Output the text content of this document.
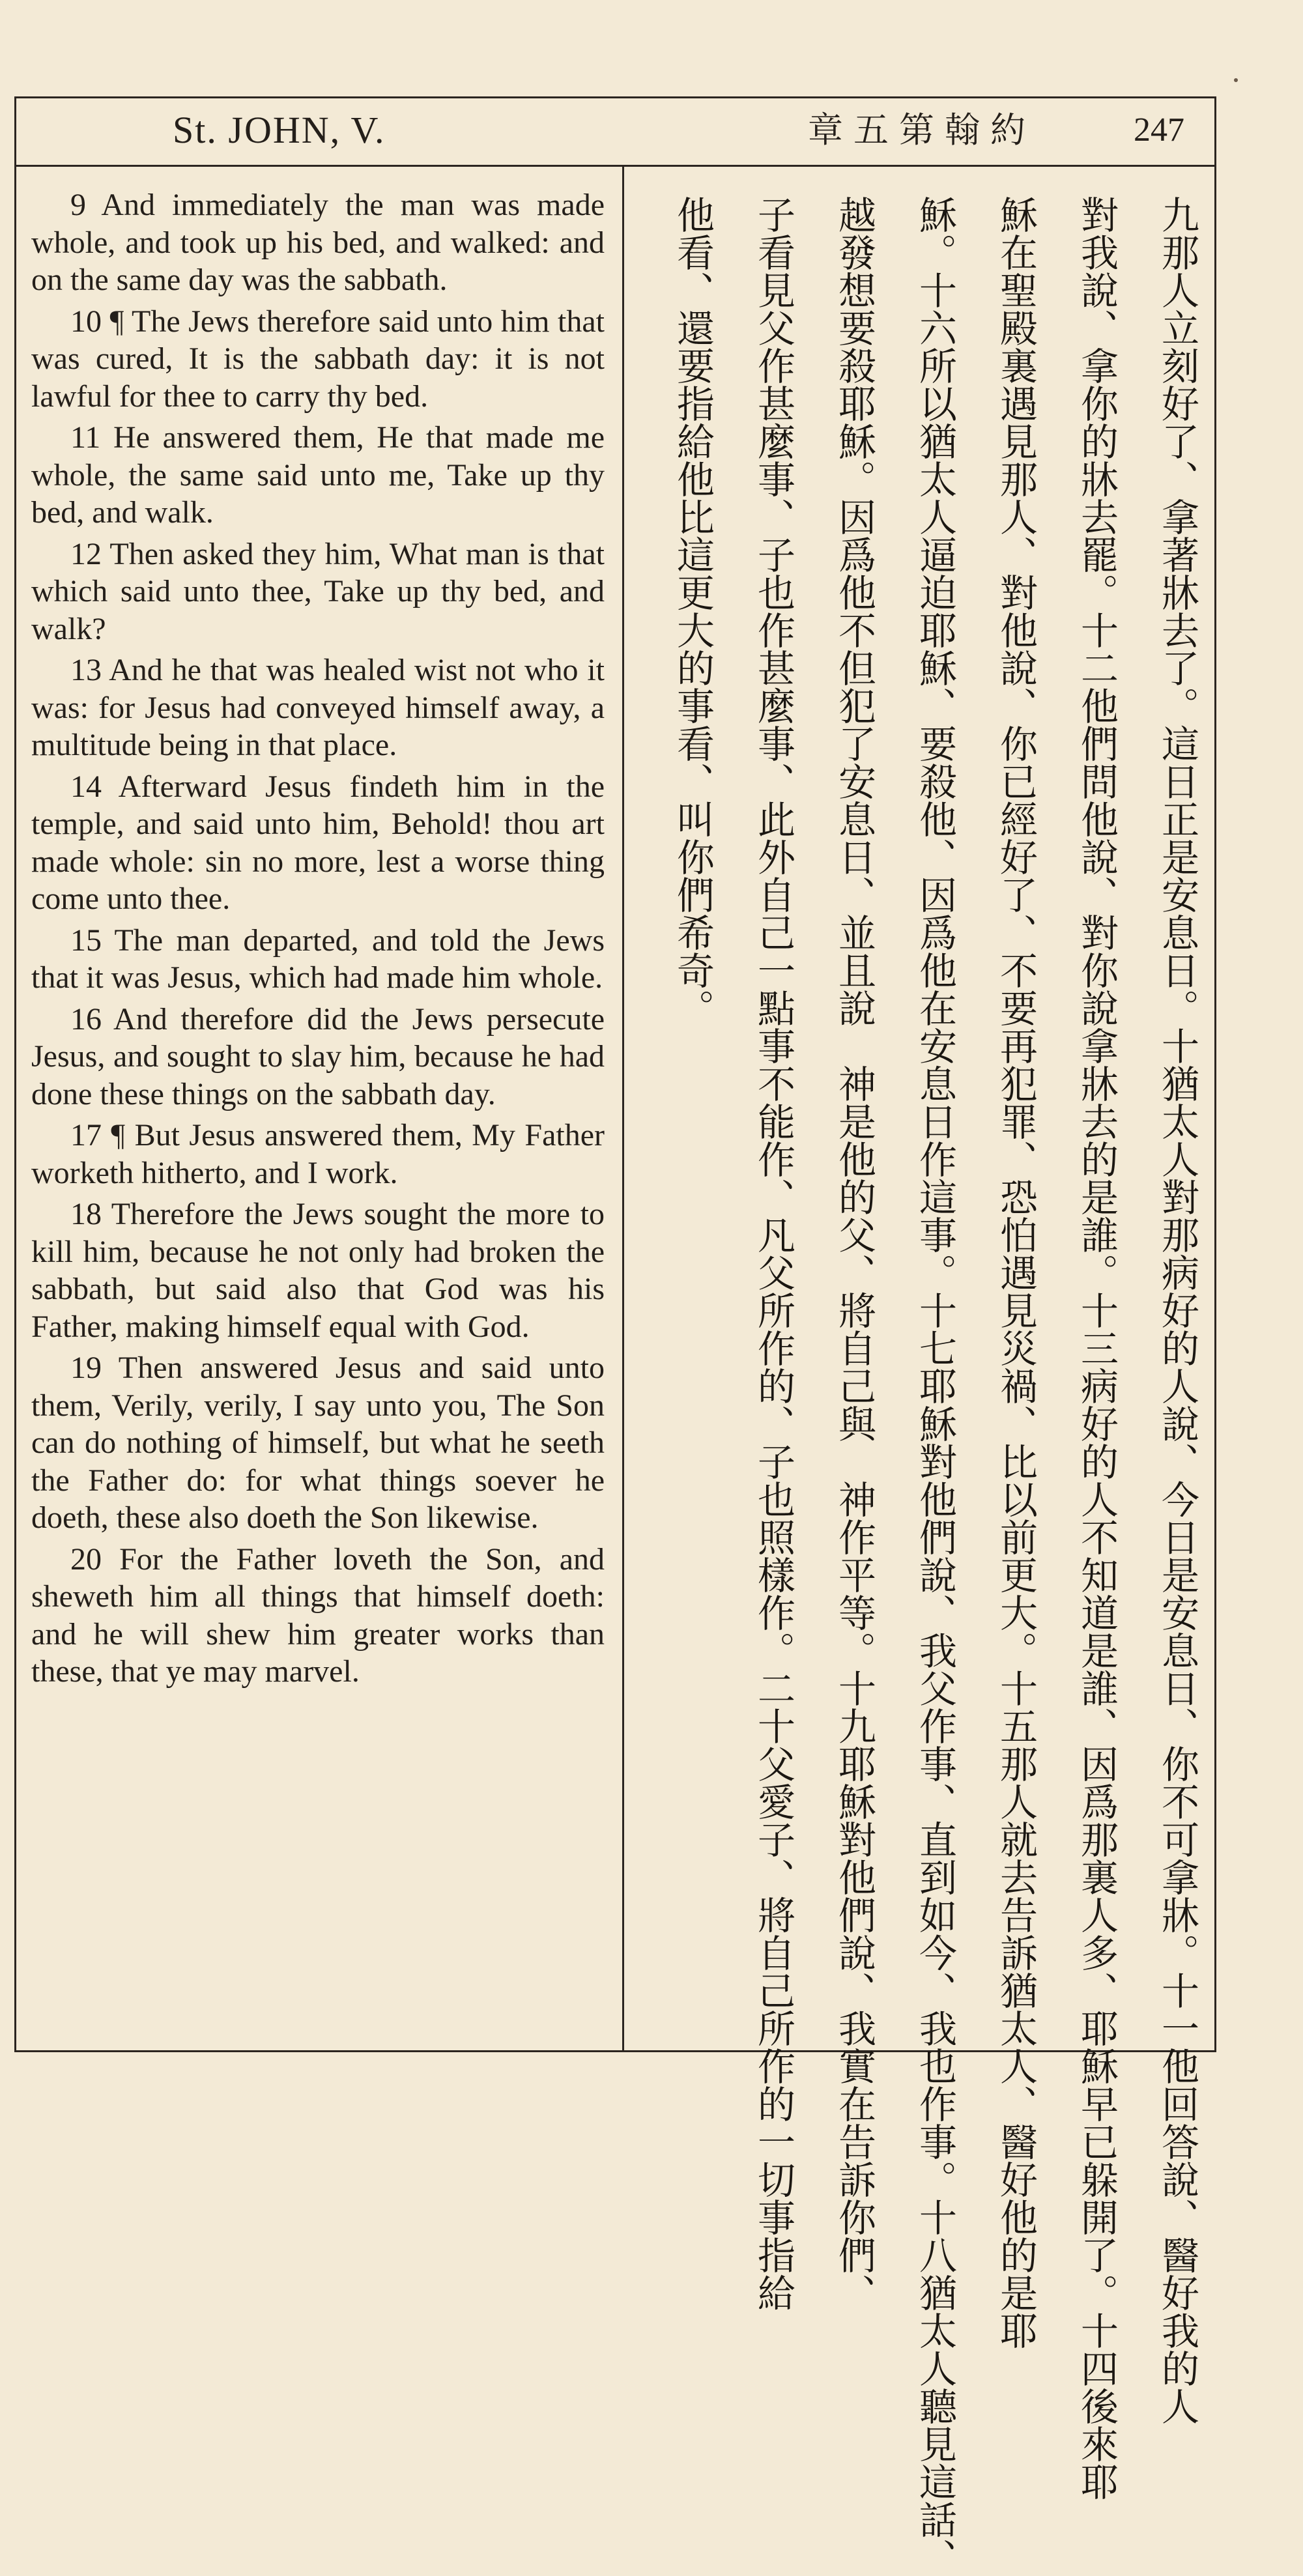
St. JOHN, V.	章五第翰約	247

9 And immediately the man was made whole, and took up his bed, and walked: and on the same day was the sabbath.

10 ¶ The Jews therefore said unto him that was cured, It is the sabbath day: it is not lawful for thee to carry thy bed.

11 He answered them, He that made me whole, the same said unto me, Take up thy bed, and walk.

12 Then asked they him, What man is that which said unto thee, Take up thy bed, and walk?

13 And he that was healed wist not who it was: for Jesus had conveyed himself away, a multitude being in that place.

14 Afterward Jesus findeth him in the temple, and said unto him, Behold! thou art made whole: sin no more, lest a worse thing come unto thee.

15 The man departed, and told the Jews that it was Jesus, which had made him whole.

16 And therefore did the Jews persecute Jesus, and sought to slay him, because he had done these things on the sabbath day.

17 ¶ But Jesus answered them, My Father worketh hitherto, and I work.

18 Therefore the Jews sought the more to kill him, because he not only had broken the sabbath, but said also that God was his Father, making himself equal with God.

19 Then answered Jesus and said unto them, Verily, verily, I say unto you, The Son can do nothing of himself, but what he seeth the Father do: for what things soever he doeth, these also doeth the Son likewise.

20 For the Father loveth the Son, and sheweth him all things that himself doeth: and he will shew him greater works than these, that ye may marvel.	九那人立刻好了、拿著牀去了。這日正是安息日。十猶太人對那病好的人說、今日是安息日、你不可拿牀。十一他回答說、醫好我的人
對我說、拿你的牀去罷。十二他們問他說、對你說拿牀去的是誰。十三病好的人不知道是誰、因爲那裏人多、耶穌早已躲開了。十四後來耶
穌在聖殿裏遇見那人、對他說、你已經好了、不要再犯罪、恐怕遇見災禍、比以前更大。十五那人就去告訴猶太人、醫好他的是耶
穌。十六所以猶太人逼迫耶穌、要殺他、因爲他在安息日作這事。十七耶穌對他們說、我父作事、直到如今、我也作事。十八猶太人聽見這話、
越發想要殺耶穌。因爲他不但犯了安息日、並且說　神是他的父、將自己與　神作平等。十九耶穌對他們說、我實在告訴你們、
子看見父作甚麼事、子也作甚麼事、此外自己一點事不能作、凡父所作的、子也照樣作。二十父愛子、將自己所作的一切事指給
他看、還要指給他比這更大的事看、叫你們希奇。
